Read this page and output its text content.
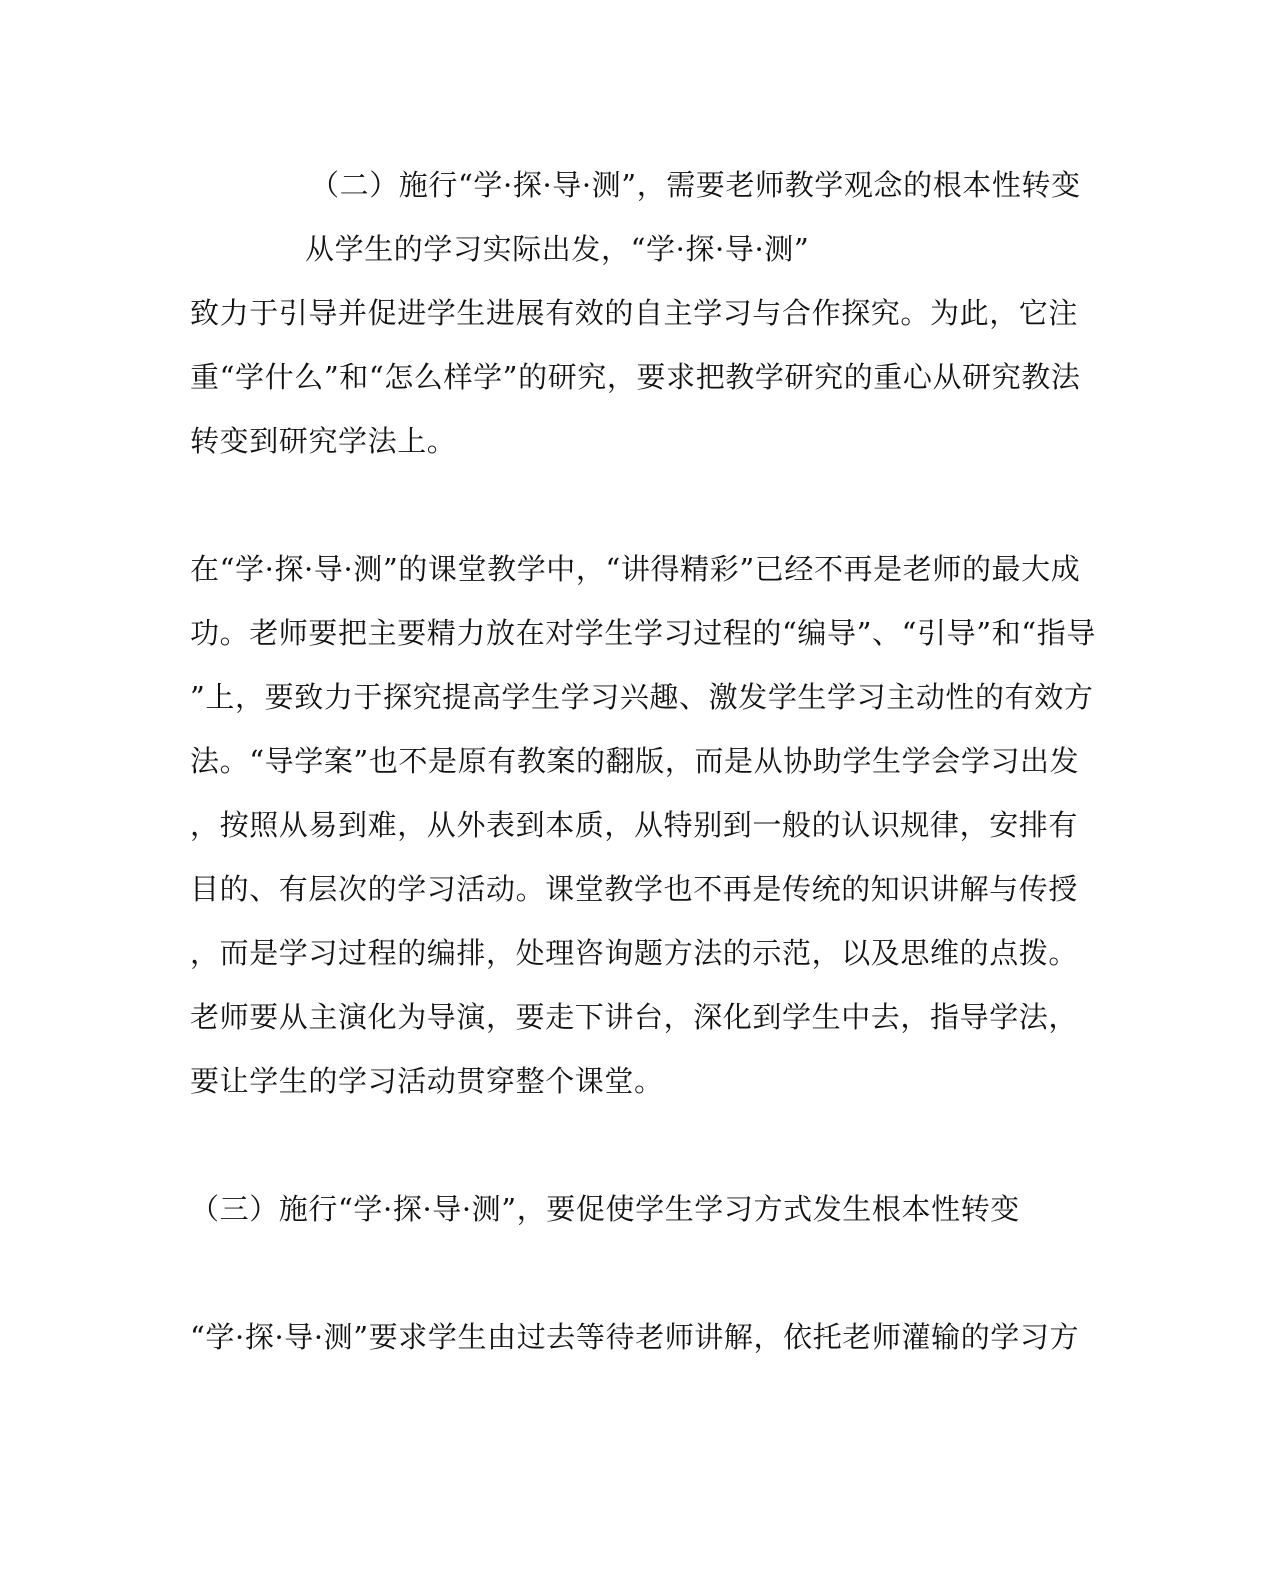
（二）施行“学·探·导·测”，需要老师教学观念的根本性转变
从学生的学习实际出发，“学·探·导·测”
致力于引导并促进学生进展有效的自主学习与合作探究。为此，它注
重“学什么”和“怎么样学”的研究，要求把教学研究的重心从研究教法
转变到研究学法上。
在“学·探·导·测”的课堂教学中，“讲得精彩”已经不再是老师的最大成
功。老师要把主要精力放在对学生学习过程的“编导”、“引导”和“指导
”上，要致力于探究提高学生学习兴趣、激发学生学习主动性的有效方
法。“导学案”也不是原有教案的翻版，而是从协助学生学会学习出发
，按照从易到难，从外表到本质，从特别到一般的认识规律，安排有
目的、有层次的学习活动。课堂教学也不再是传统的知识讲解与传授
，而是学习过程的编排，处理咨询题方法的示范，以及思维的点拨。
老师要从主演化为导演，要走下讲台，深化到学生中去，指导学法，
要让学生的学习活动贯穿整个课堂。
（三）施行“学·探·导·测”，要促使学生学习方式发生根本性转变
“学·探·导·测”要求学生由过去等待老师讲解，依托老师灌输的学习方
